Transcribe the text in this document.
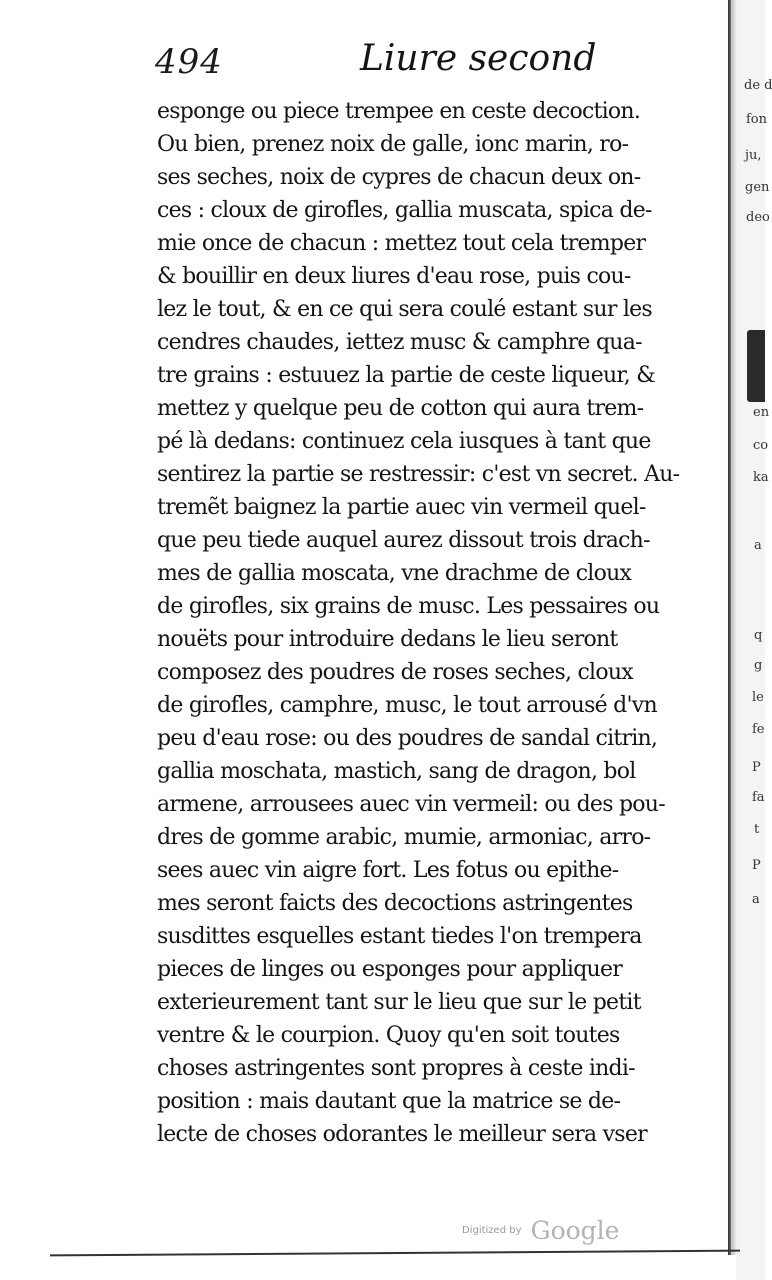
de d
fon
ju,
gen
deo
en
co
ka
a
q
g
le
fe
P
fa
t
P
a
494	Liure second
esponge ou piece trempee en ceste decoction.
Ou bien, prenez noix de galle, ionc marin, ro-
ses seches, noix de cypres de chacun deux on-
ces : cloux de girofles, gallia muscata, spica de-
mie once de chacun : mettez tout cela tremper
& bouillir en deux liures d'eau rose, puis cou-
lez le tout, & en ce qui sera coulé estant sur les
cendres chaudes, iettez musc & camphre qua-
tre grains : estuuez la partie de ceste liqueur, &
mettez y quelque peu de cotton qui aura trem-
pé là dedans: continuez cela iusques à tant que
sentirez la partie se restressir: c'est vn secret. Au-
tremẽt baignez la partie auec vin vermeil quel-
que peu tiede auquel aurez dissout trois drach-
mes de gallia moscata, vne drachme de cloux
de girofles, six grains de musc. Les pessaires ou
nouëts pour introduire dedans le lieu seront
composez des poudres de roses seches, cloux
de girofles, camphre, musc, le tout arrousé d'vn
peu d'eau rose: ou des poudres de sandal citrin,
gallia moschata, mastich, sang de dragon, bol
armene, arrousees auec vin vermeil: ou des pou-
dres de gomme arabic, mumie, armoniac, arro-
sees auec vin aigre fort. Les fotus ou epithe-
mes seront faicts des decoctions astringentes
susdittes esquelles estant tiedes l'on trempera
pieces de linges ou esponges pour appliquer
exterieurement tant sur le lieu que sur le petit
ventre & le courpion. Quoy qu'en soit toutes
choses astringentes sont propres à ceste indi-
position : mais dautant que la matrice se de-
lecte de choses odorantes le meilleur sera vser
Digitized by Google
